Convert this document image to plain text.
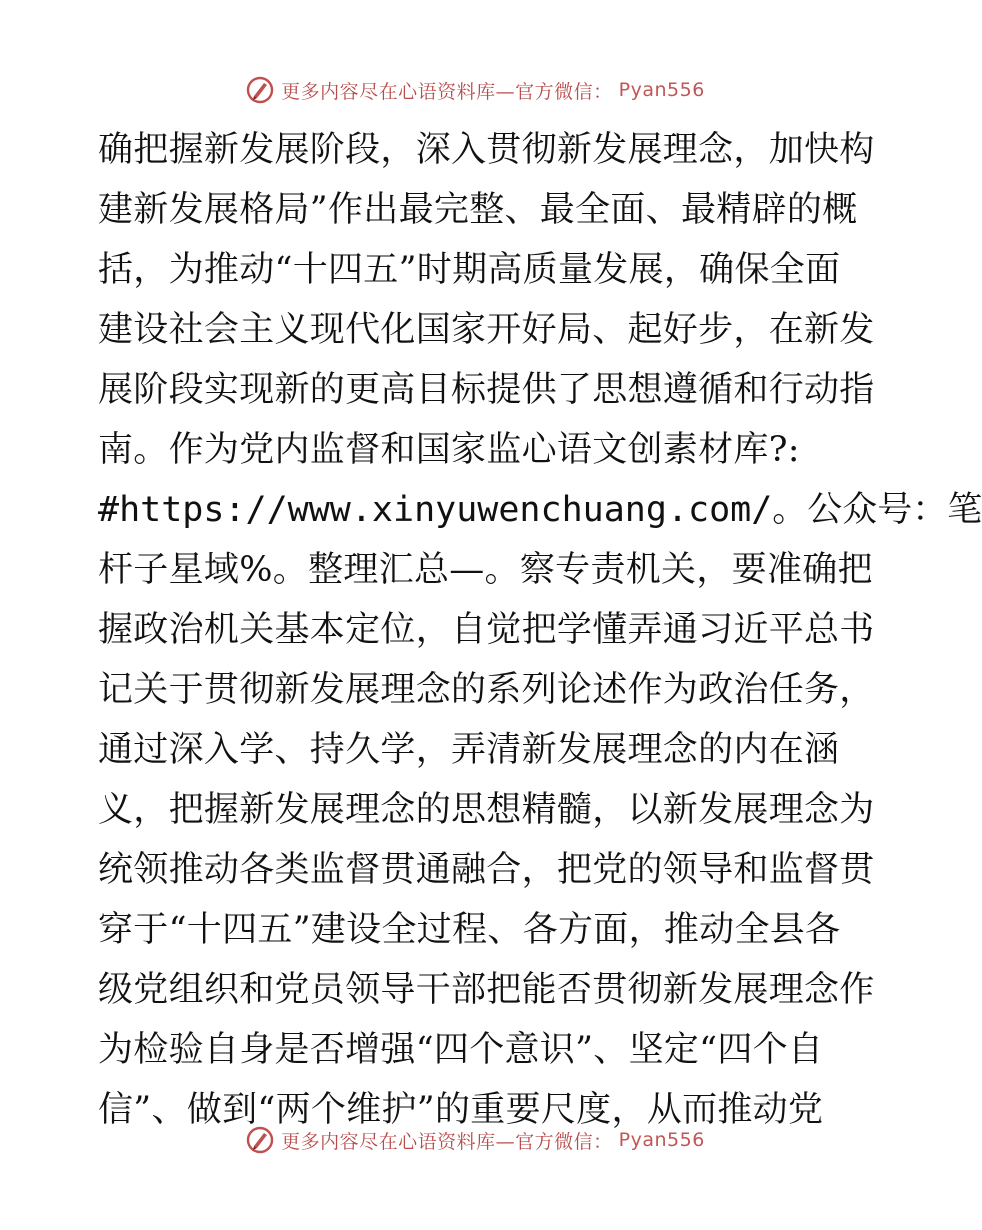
更多内容尽在心语资料库—官方微信： Pyan556
确把握新发展阶段，深入贯彻新发展理念，加快构
建新发展格局”作出最完整、最全面、最精辟的概
括，为推动“十四五”时期高质量发展，确保全面
建设社会主义现代化国家开好局、起好步，在新发
展阶段实现新的更高目标提供了思想遵循和行动指
南。作为党内监督和国家监心语文创素材库?:
#https://www.xinyuwenchuang.com/。公众号：笔
杆子星域%。整理汇总—。察专责机关，要准确把
握政治机关基本定位，自觉把学懂弄通习近平总书
记关于贯彻新发展理念的系列论述作为政治任务，
通过深入学、持久学，弄清新发展理念的内在涵
义，把握新发展理念的思想精髓，以新发展理念为
统领推动各类监督贯通融合，把党的领导和监督贯
穿于“十四五”建设全过程、各方面，推动全县各
级党组织和党员领导干部把能否贯彻新发展理念作
为检验自身是否增强“四个意识”、坚定“四个自
信”、做到“两个维护”的重要尺度，从而推动党
更多内容尽在心语资料库—官方微信： Pyan556
